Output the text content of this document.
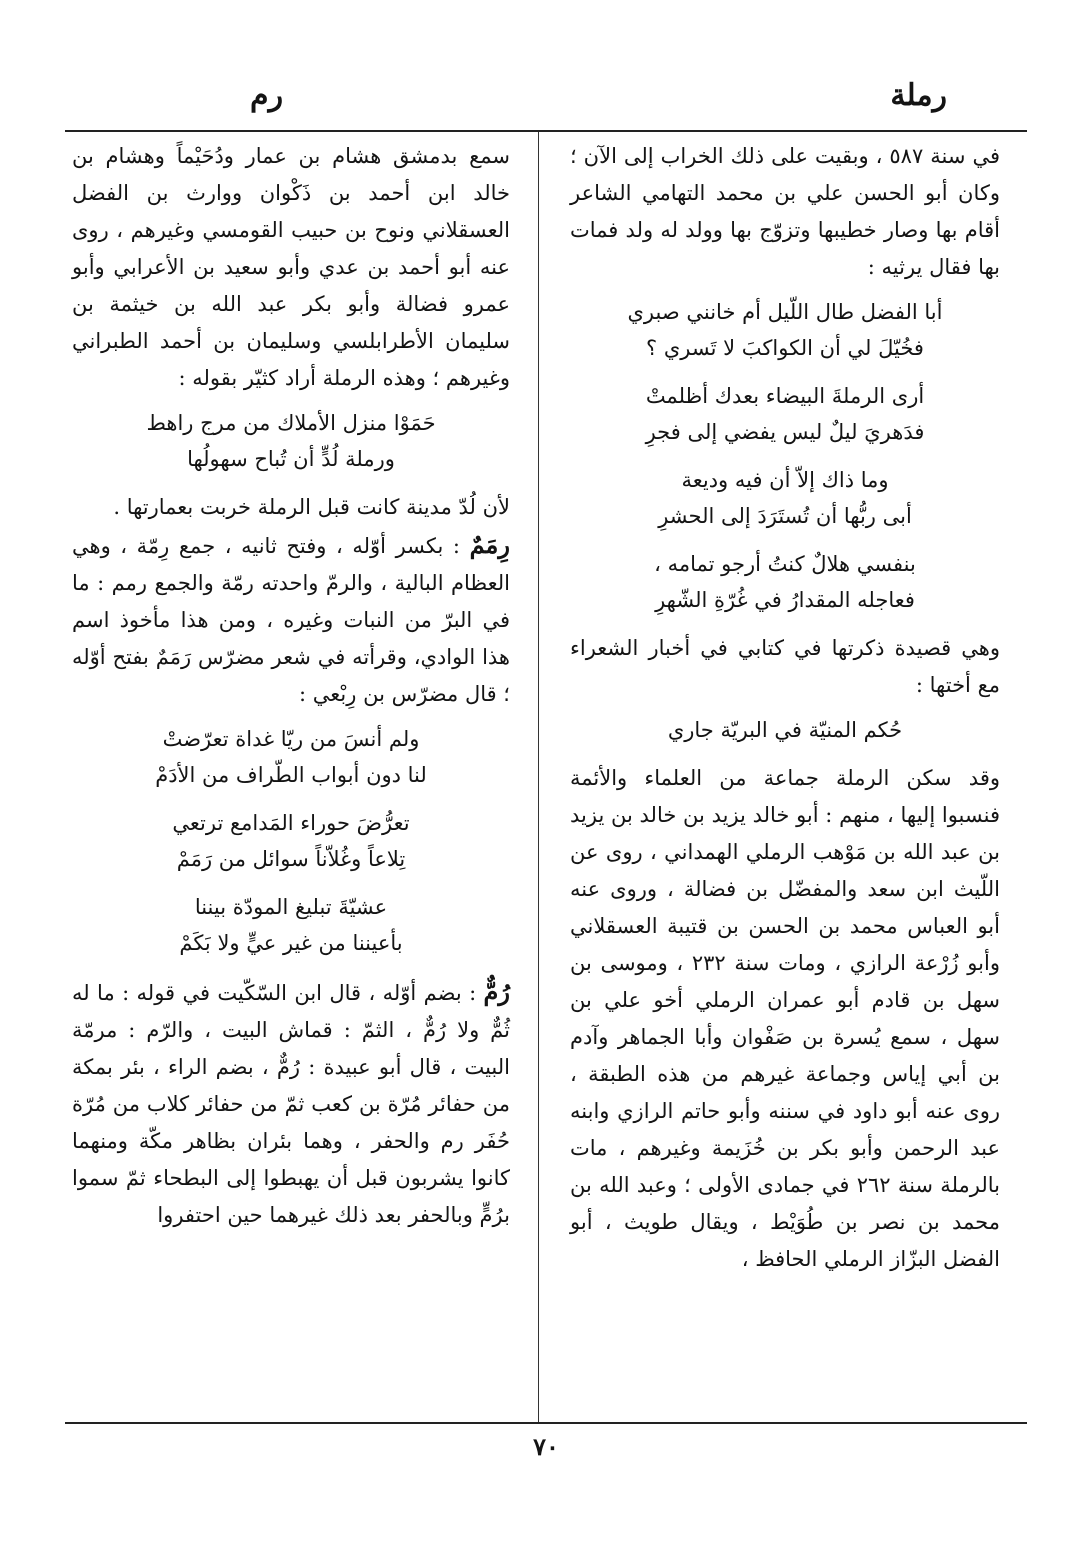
رملة
رم

في سنة ٥٨٧ ، وبقيت على ذلك الخراب إلى الآن ؛ وكان أبو الحسن علي بن محمد التهامي الشاعر أقام بها وصار خطيبها وتزوّج بها وولد له ولد فمات بها فقال يرثيه :

أبا الفضل طال اللّيل أم خانني صبري
فخُيّلَ لي أن الكواكبَ لا تَسري ؟
أرى الرملةَ البيضاء بعدك أظلمتْ
فدَهريَ ليلٌ ليس يفضي إلى فجرِ
وما ذاك إلاّ أن فيه وديعة
أبى ربُّها أن تُستَرَدَ إلى الحشرِ
بنفسي هلالٌ كنتُ أرجو تمامه ،
فعاجله المقدارُ في غُرّةِ الشّهرِ

وهي قصيدة ذكرتها في كتابي في أخبار الشعراء مع أختها :

حُكم المنيّة في البريّة جاري

وقد سكن الرملة جماعة من العلماء والأئمة فنسبوا إليها ، منهم : أبو خالد يزيد بن خالد بن يزيد بن عبد الله بن مَوْهب الرملي الهمداني ، روى عن اللّيث ابن سعد والمفضّل بن فضالة ، وروى عنه أبو العباس محمد بن الحسن بن قتيبة العسقلاني وأبو زُرْعة الرازي ، ومات سنة ٢٣٢ ، وموسى بن سهل بن قادم أبو عمران الرملي أخو علي بن سهل ، سمع يُسرة بن صَفْوان وأبا الجماهر وآدم بن أبي إياس وجماعة غيرهم من هذه الطبقة ، روى عنه أبو داود في سننه وأبو حاتم الرازي وابنه عبد الرحمن وأبو بكر بن خُزَيمة وغيرهم ، مات بالرملة سنة ٢٦٢ في جمادى الأولى ؛ وعبد الله بن محمد بن نصر بن طُوَيْط ، ويقال طويث ، أبو الفضل البزّاز الرملي الحافظ ،

سمع بدمشق هشام بن عمار ودُحَيْماً وهشام بن خالد ابن أحمد بن ذَكْوان ووارث بن الفضل العسقلاني ونوح بن حبيب القومسي وغيرهم ، روى عنه أبو أحمد بن عدي وأبو سعيد بن الأعرابي وأبو عمرو فضالة وأبو بكر عبد الله بن خيثمة بن سليمان الأطرابلسي وسليمان بن أحمد الطبراني وغيرهم ؛ وهذه الرملة أراد كثيّر بقوله :

حَمَوْا منزل الأملاك من مرج راهط
ورملة لُدٍّ أن تُباح سهولُها

لأن لُدّ مدينة كانت قبل الرملة خربت بعمارتها .

رِمَمٌ : بكسر أوّله ، وفتح ثانيه ، جمع رِمّة ، وهي العظام البالية ، والرمّ واحدته رمّة والجمع رمم : ما في البرّ من النبات وغيره ، ومن هذا مأخوذ اسم هذا الوادي، وقرأته في شعر مضرّس رَمَمٌ بفتح أوّله ؛ قال مضرّس بن رِبْعي :

ولم أنسَ من ريّا غداة تعرّضتْ
لنا دون أبواب الطّراف من الأدَمْ
تعرُّضَ حوراء المَدامع ترتعي
تِلاعاً وغُلاّناً سوائل من رَمَمْ
عشيّةَ تبليغ المودّة بيننا
بأعيننا من غير عيٍّ ولا بَكَمْ

رُمٌّ : بضم أوّله ، قال ابن السّكّيت في قوله : ما له ثُمٌّ ولا رُمٌّ ، الثمّ : قماش البيت ، والرّم : مرمّة البيت ، قال أبو عبيدة : رُمٌّ ، بضم الراء ، بئر بمكة من حفائر مُرّة بن كعب ثمّ من حفائر كلاب من مُرّة حُفَر رم والحفر ، وهما بئران بظاهر مكّة ومنهما كانوا يشربون قبل أن يهبطوا إلى البطحاء ثمّ سموا برُمٍّ وبالحفر بعد ذلك غيرهما حين احتفروا

٧٠
